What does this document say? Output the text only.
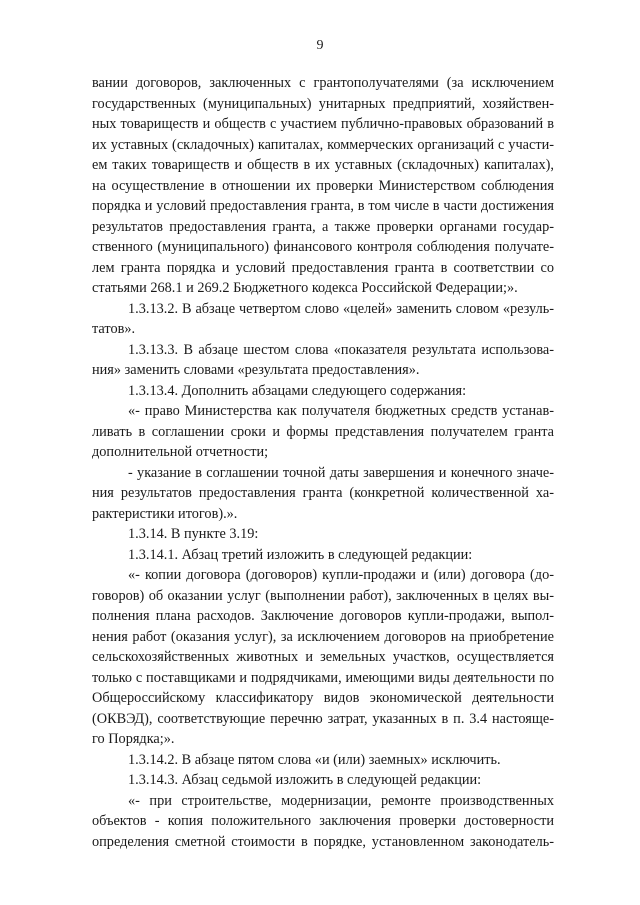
9
вании договоров, заключенных с грантополучателями (за исключением
государственных (муниципальных) унитарных предприятий, хозяйствен-
ных товариществ и обществ с участием публично-правовых образований в
их уставных (складочных) капиталах, коммерческих организаций с участи-
ем таких товариществ и обществ в их уставных (складочных) капиталах),
на осуществление в отношении их проверки Министерством соблюдения
порядка и условий предоставления гранта, в том числе в части достижения
результатов предоставления гранта, а также проверки органами государ-
ственного (муниципального) финансового контроля соблюдения получате-
лем гранта порядка и условий предоставления гранта в соответствии со
статьями 268.1 и 269.2 Бюджетного кодекса Российской Федерации;».
1.3.13.2. В абзаце четвертом слово «целей» заменить словом «резуль-
татов».
1.3.13.3. В абзаце шестом слова «показателя результата использова-
ния» заменить словами «результата предоставления».
1.3.13.4. Дополнить абзацами следующего содержания:
«- право Министерства как получателя бюджетных средств устанав-
ливать в соглашении сроки и формы представления получателем гранта
дополнительной отчетности;
- указание в соглашении точной даты завершения и конечного значе-
ния результатов предоставления гранта (конкретной количественной ха-
рактеристики итогов).».
1.3.14. В пункте 3.19:
1.3.14.1. Абзац третий изложить в следующей редакции:
«- копии договора (договоров) купли-продажи и (или) договора (до-
говоров) об оказании услуг (выполнении работ), заключенных в целях вы-
полнения плана расходов. Заключение договоров купли-продажи, выпол-
нения работ (оказания услуг), за исключением договоров на приобретение
сельскохозяйственных животных и земельных участков, осуществляется
только с поставщиками и подрядчиками, имеющими виды деятельности по
Общероссийскому классификатору видов экономической деятельности
(ОКВЭД), соответствующие перечню затрат, указанных в п. 3.4 настояще-
го Порядка;».
1.3.14.2. В абзаце пятом слова «и (или) заемных» исключить.
1.3.14.3. Абзац седьмой изложить в следующей редакции:
«- при строительстве, модернизации, ремонте производственных
объектов - копия положительного заключения проверки достоверности
определения сметной стоимости в порядке, установленном законодатель-
